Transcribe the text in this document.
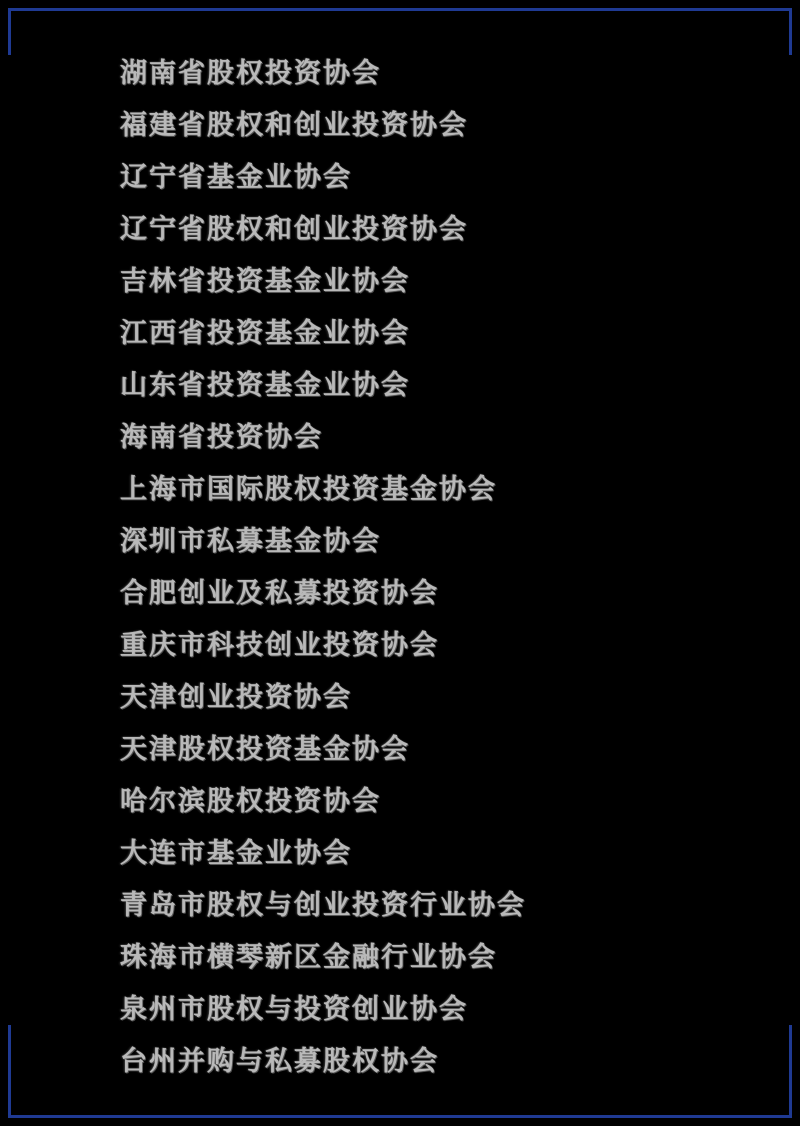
湖南省股权投资协会
福建省股权和创业投资协会
辽宁省基金业协会
辽宁省股权和创业投资协会
吉林省投资基金业协会
江西省投资基金业协会
山东省投资基金业协会
海南省投资协会
上海市国际股权投资基金协会
深圳市私募基金协会
合肥创业及私募投资协会
重庆市科技创业投资协会
天津创业投资协会
天津股权投资基金协会
哈尔滨股权投资协会
大连市基金业协会
青岛市股权与创业投资行业协会
珠海市横琴新区金融行业协会
泉州市股权与投资创业协会
台州并购与私募股权协会
